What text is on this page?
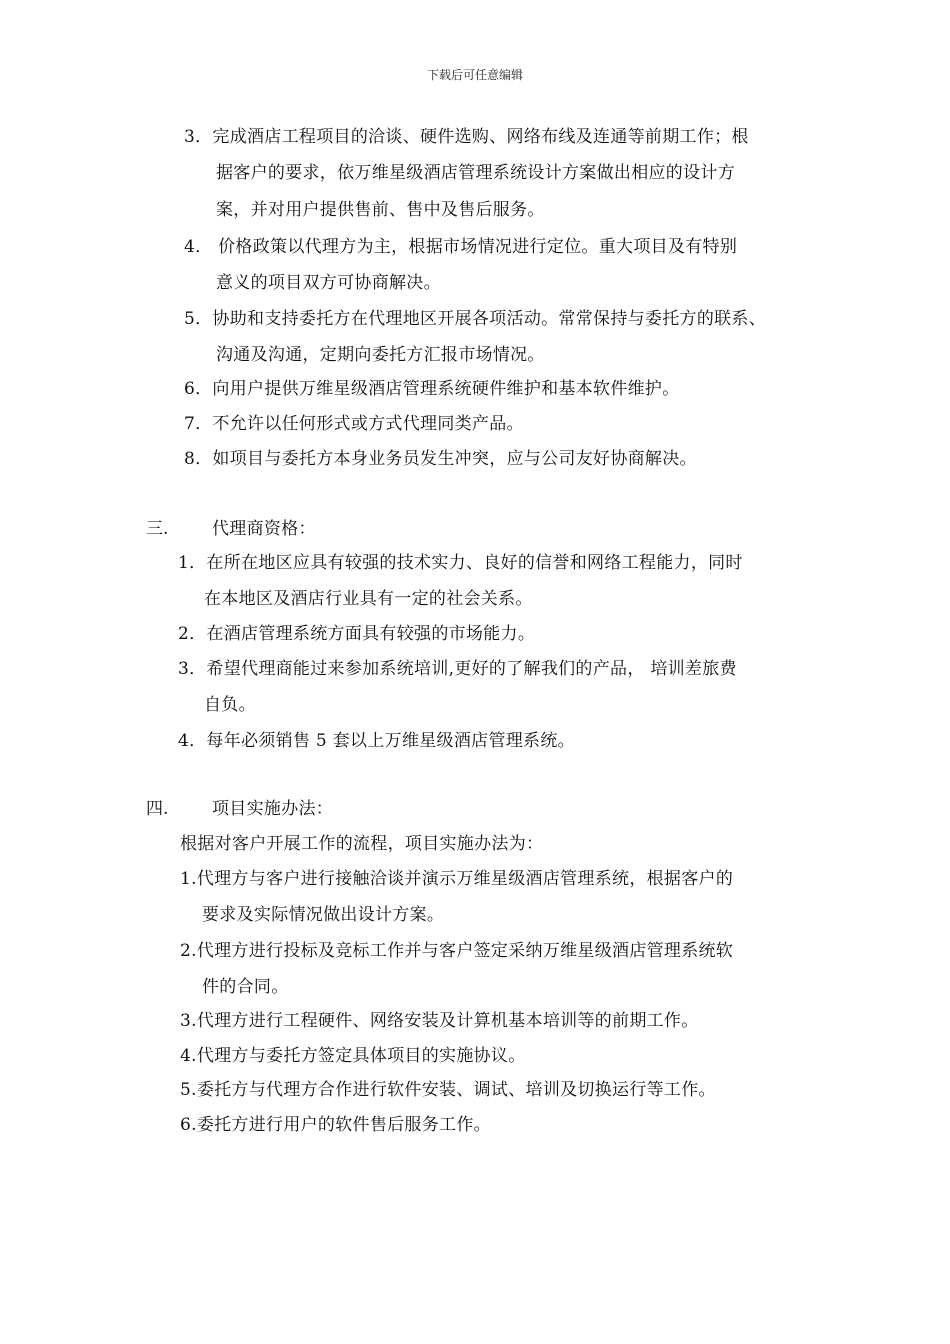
下载后可任意编辑
3．完成酒店工程项目的洽谈、硬件选购、网络布线及连通等前期工作；根
据客户的要求，依万维星级酒店管理系统设计方案做出相应的设计方
案，并对用户提供售前、售中及售后服务。
4． 价格政策以代理方为主，根据市场情况进行定位。重大项目及有特别
意义的项目双方可协商解决。
5．协助和支持委托方在代理地区开展各项活动。常常保持与委托方的联系、
沟通及沟通，定期向委托方汇报市场情况。
6．向用户提供万维星级酒店管理系统硬件维护和基本软件维护。
7．不允许以任何形式或方式代理同类产品。
8．如项目与委托方本身业务员发生冲突，应与公司友好协商解决。
三.	代理商资格：
1．在所在地区应具有较强的技术实力、良好的信誉和网络工程能力，同时
在本地区及酒店行业具有一定的社会关系。
2．在酒店管理系统方面具有较强的市场能力。
3．希望代理商能过来参加系统培训,更好的了解我们的产品， 培训差旅费
自负。
4．每年必须销售 5 套以上万维星级酒店管理系统。
四.	项目实施办法：
根据对客户开展工作的流程，项目实施办法为：
1.代理方与客户进行接触洽谈并演示万维星级酒店管理系统，根据客户的
要求及实际情况做出设计方案。
2.代理方进行投标及竞标工作并与客户签定采纳万维星级酒店管理系统软
件的合同。
3.代理方进行工程硬件、网络安装及计算机基本培训等的前期工作。
4.代理方与委托方签定具体项目的实施协议。
5.委托方与代理方合作进行软件安装、调试、培训及切换运行等工作。
6.委托方进行用户的软件售后服务工作。
